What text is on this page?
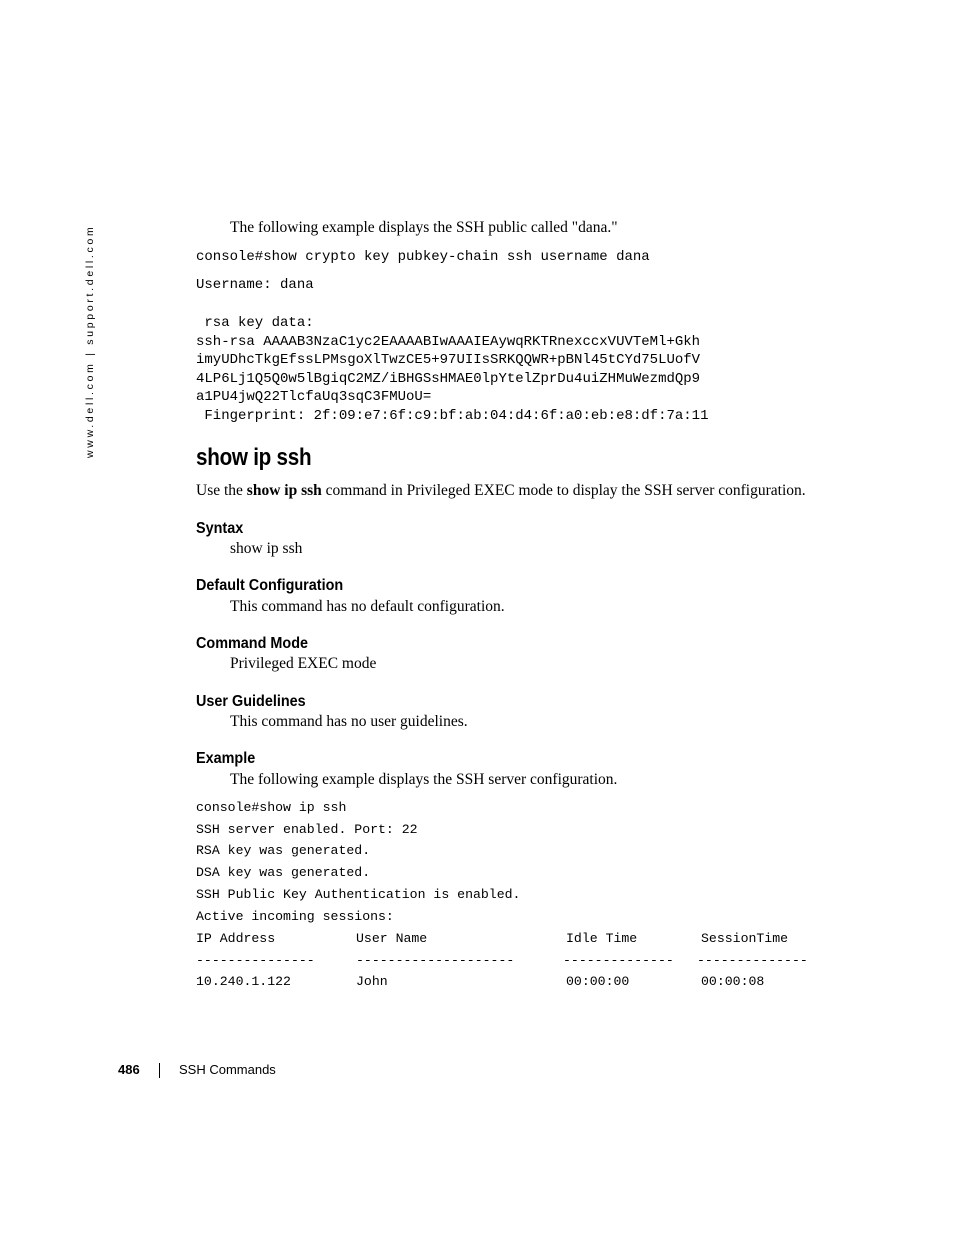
www.dell.com | support.dell.com	The following example displays the SSH public called "dana."
console#show crypto key pubkey-chain ssh username dana
Username: dana
rsa key data:
ssh-rsa AAAAB3NzaC1yc2EAAAABIwAAAIEAywqRKTRnexccxVUVTeMl+Gkh
imyUDhcTkgEfssLPMsgoXlTwzCE5+97UIIsSRKQQWR+pBNl45tCYd75LUofV
4LP6Lj1Q5Q0w5lBgiqC2MZ/iBHGSsHMAE0lpYtelZprDu4uiZHMuWezmdQp9
a1PU4jwQ22TlcfaUq3sqC3FMUoU=
Fingerprint: 2f:09:e7:6f:c9:bf:ab:04:d4:6f:a0:eb:e8:df:7a:11
show ip ssh
Use the show ip ssh command in Privileged EXEC mode to display the SSH server configuration.
Syntax
show ip ssh
Default Configuration
This command has no default configuration.
Command Mode
Privileged EXEC mode
User Guidelines
This command has no user guidelines.
Example
The following example displays the SSH server configuration.
console#show ip ssh
SSH server enabled. Port: 22
RSA key was generated.
DSA key was generated.
SSH Public Key Authentication is enabled.
Active incoming sessions:
IP Address	User Name	Idle Time	SessionTime
---------------	--------------------	-------------- --------------
10.240.1.122	John	00:00:00	00:00:08
486	SSH Commands
